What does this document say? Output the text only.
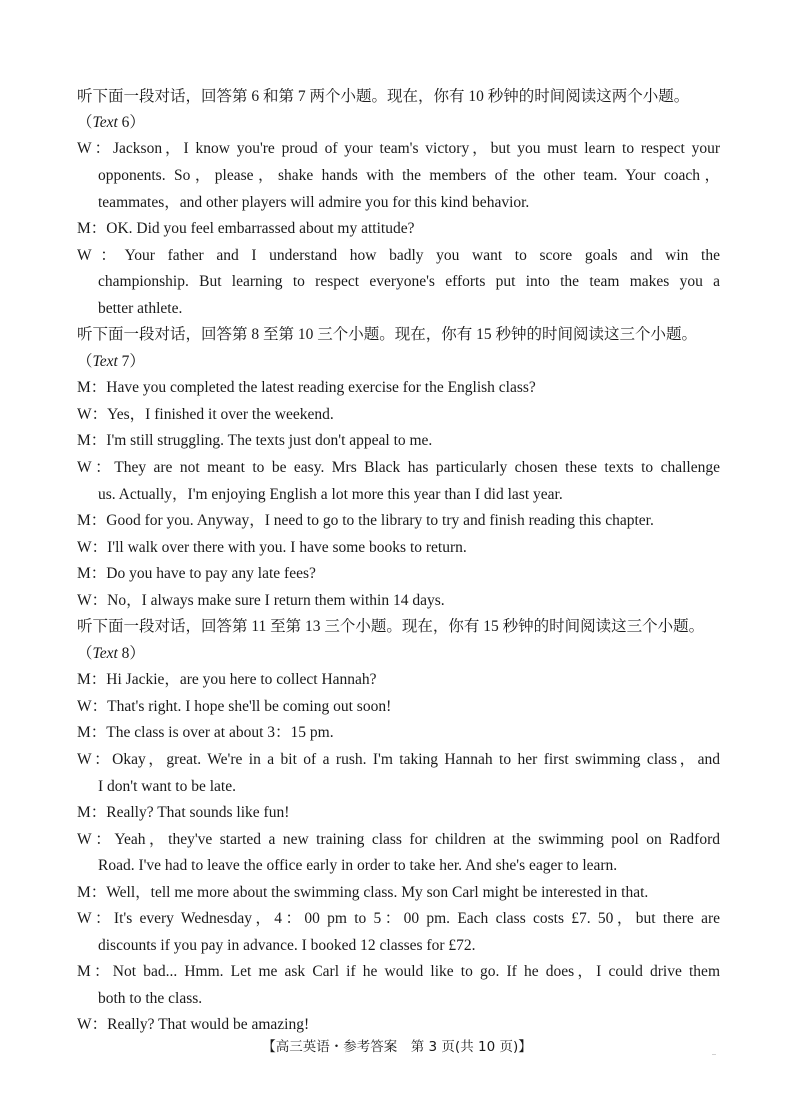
听下面一段对话，回答第 6 和第 7 两个小题。现在，你有 10 秒钟的时间阅读这两个小题。
（Text 6）
W：Jackson，I know you're proud of your team's victory，but you must learn to respect your
opponents. So，please，shake hands with the members of the other team. Your coach，
teammates，and other players will admire you for this kind behavior.
M：OK. Did you feel embarrassed about my attitude?
W：Your father and I understand how badly you want to score goals and win the
championship. But learning to respect everyone's efforts put into the team makes you a
better athlete.
听下面一段对话，回答第 8 至第 10 三个小题。现在，你有 15 秒钟的时间阅读这三个小题。
（Text 7）
M：Have you completed the latest reading exercise for the English class?
W：Yes，I finished it over the weekend.
M：I'm still struggling. The texts just don't appeal to me.
W：They are not meant to be easy. Mrs Black has particularly chosen these texts to challenge
us. Actually，I'm enjoying English a lot more this year than I did last year.
M：Good for you. Anyway，I need to go to the library to try and finish reading this chapter.
W：I'll walk over there with you. I have some books to return.
M：Do you have to pay any late fees?
W：No，I always make sure I return them within 14 days.
听下面一段对话，回答第 11 至第 13 三个小题。现在，你有 15 秒钟的时间阅读这三个小题。
（Text 8）
M：Hi Jackie，are you here to collect Hannah?
W：That's right. I hope she'll be coming out soon!
M：The class is over at about 3：15 pm.
W：Okay，great. We're in a bit of a rush. I'm taking Hannah to her first swimming class，and
I don't want to be late.
M：Really? That sounds like fun!
W：Yeah，they've started a new training class for children at the swimming pool on Radford
Road. I've had to leave the office early in order to take her. And she's eager to learn.
M：Well，tell me more about the swimming class. My son Carl might be interested in that.
W：It's every Wednesday，4：00 pm to 5：00 pm. Each class costs £7. 50，but there are
discounts if you pay in advance. I booked 12 classes for £72.
M：Not bad... Hmm. Let me ask Carl if he would like to go. If he does，I could drive them
both to the class.
W：Really? That would be amazing!
【高三英语・参考答案　第 3 页(共 10 页)】	..
